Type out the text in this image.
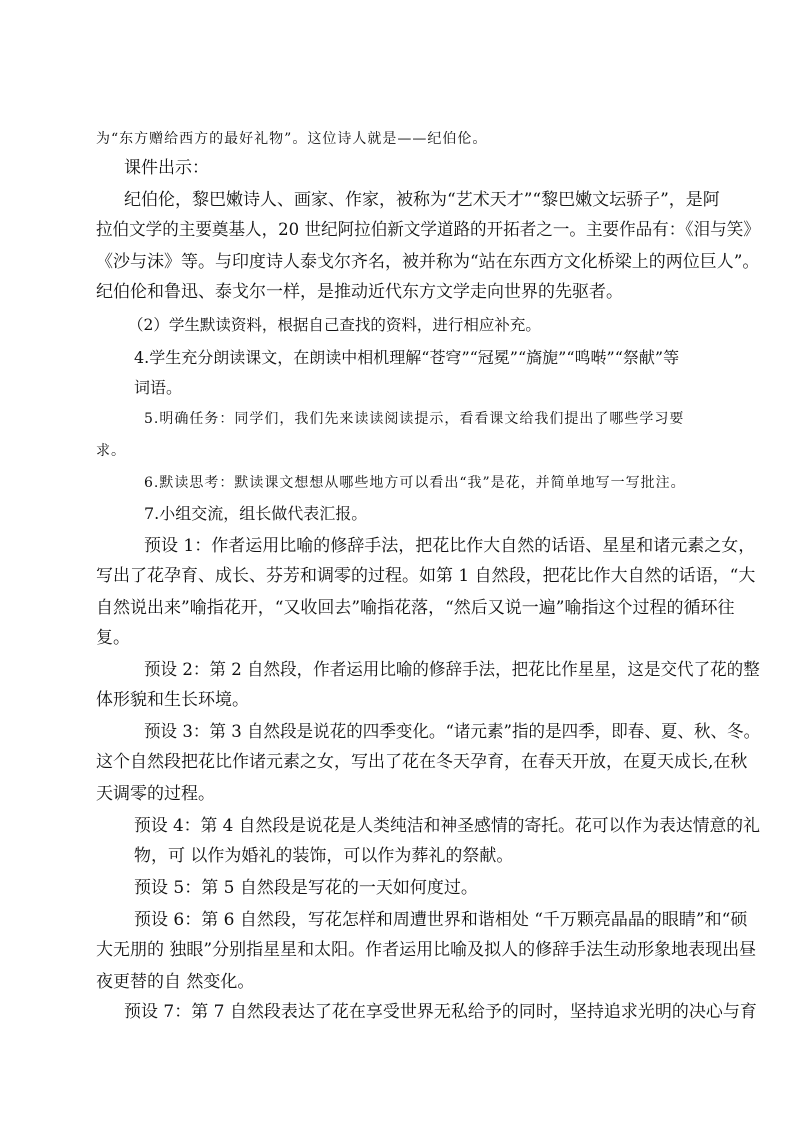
为“东方赠给西方的最好礼物”。这位诗人就是——纪伯伦。
课件出示：
纪伯伦，黎巴嫩诗人、画家、作家，被称为“艺术天才”“黎巴嫩文坛骄子”，是阿
拉伯文学的主要奠基人，20 世纪阿拉伯新文学道路的开拓者之一。主要作品有：《泪与笑》
《沙与沫》等。与印度诗人泰戈尔齐名，被并称为“站在东西方文化桥梁上的两位巨人”。
纪伯伦和鲁迅、泰戈尔一样，是推动近代东方文学走向世界的先驱者。
（2）学生默读资料，根据自己查找的资料，进行相应补充。
4.学生充分朗读课文，在朗读中相机理解“苍穹”“冠冕”“旖旎”“鸣啭”“祭献”等
词语。
5.明确任务：同学们，我们先来读读阅读提示，看看课文给我们提出了哪些学习要
求。
6.默读思考：默读课文想想从哪些地方可以看出“我”是花，并简单地写一写批注。
7.小组交流，组长做代表汇报。
预设 1：作者运用比喻的修辞手法，把花比作大自然的话语、星星和诸元素之女，
写出了花孕育、成长、芬芳和调零的过程。如第 1 自然段，把花比作大自然的话语，“大
自然说出来”喻指花开，“又收回去”喻指花落，“然后又说一遍”喻指这个过程的循环往
复。
预设 2：第 2 自然段，作者运用比喻的修辞手法，把花比作星星，这是交代了花的整
体形貌和生长环境。
预设 3：第 3 自然段是说花的四季变化。“诸元素”指的是四季，即春、夏、秋、冬。
这个自然段把花比作诸元素之女，写出了花在冬天孕育，在春天开放，在夏天成长,在秋
天调零的过程。
预设 4：第 4 自然段是说花是人类纯洁和神圣感情的寄托。花可以作为表达情意的礼
物，可 以作为婚礼的装饰，可以作为葬礼的祭献。
预设 5：第 5 自然段是写花的一天如何度过。
预设 6：第 6 自然段，写花怎样和周遭世界和谐相处 “千万颗亮晶晶的眼睛”和“硕
大无朋的 独眼”分别指星星和太阳。作者运用比喻及拟人的修辞手法生动形象地表现出昼
夜更替的自 然变化。
预设 7：第 7 自然段表达了花在享受世界无私给予的同时，坚持追求光明的决心与育
